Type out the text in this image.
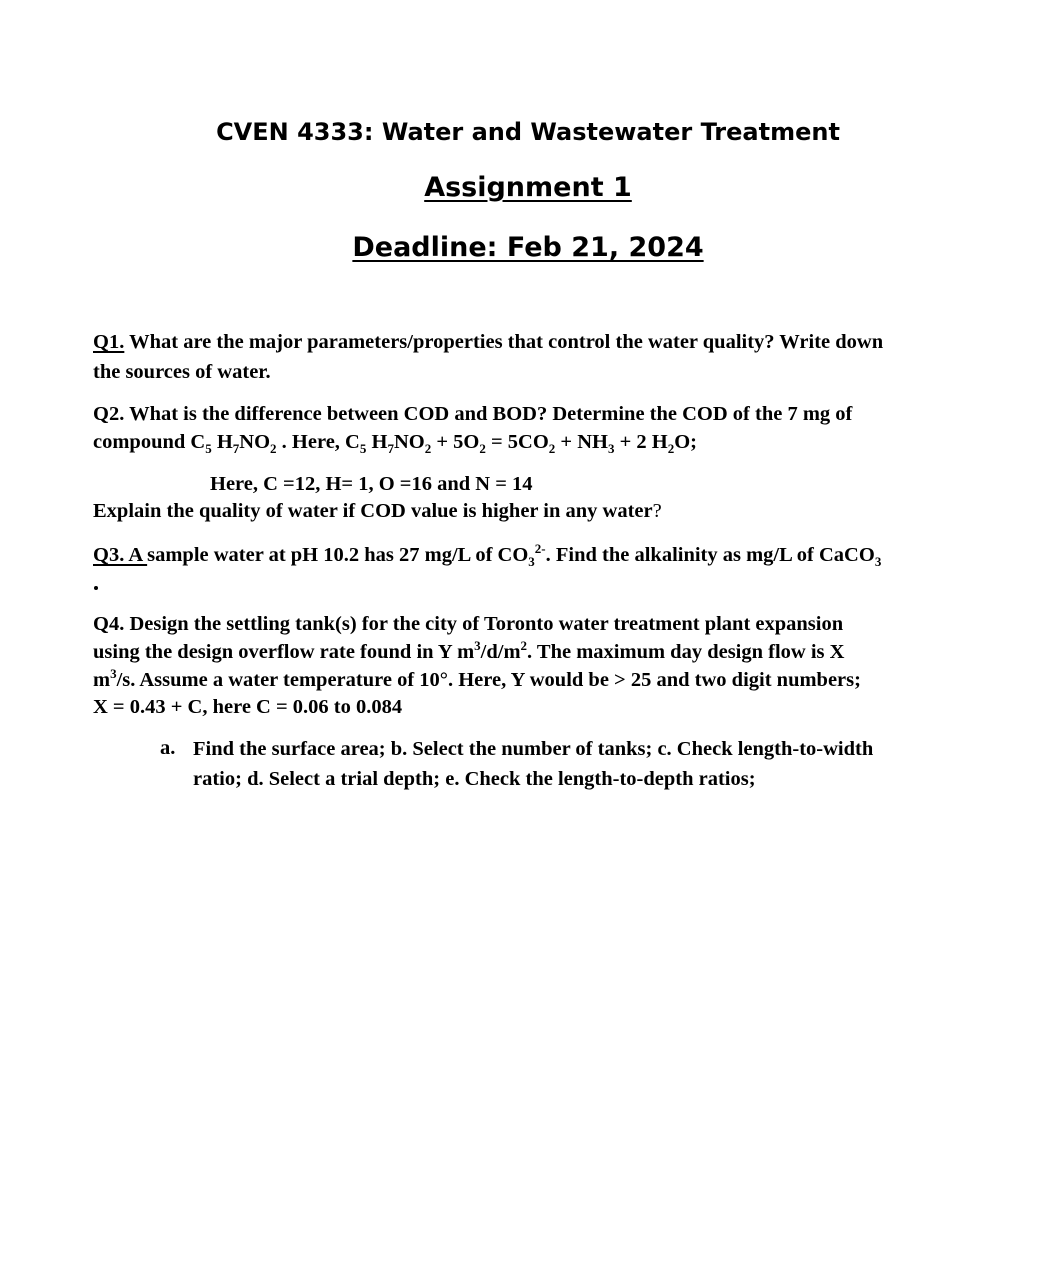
CVEN 4333: Water and Wastewater Treatment
Assignment 1
Deadline: Feb 21, 2024
Q1. What are the major parameters/properties that control the water quality? Write down
the sources of water.
Q2. What is the difference between COD and BOD? Determine the COD of the 7 mg of
compound $C_5$ $H_7NO_2$ . Here, $C_5$ $H_7NO_2 + 5O_2 = 5CO_2 + NH_3 + 2$ $H_2O$;
Here, C =12, H= 1, O =16 and N = 14
Explain the quality of water if COD value is higher in any water?
Q3. A sample water at pH 10.2 has 27 mg/L of $CO_3^{2-}$. Find the alkalinity as mg/L of CaCO$_3$
Q4. Design the settling tank(s) for the city of Toronto water treatment plant expansion
using the design overflow rate found in Y $m^3/d/m^2$. The maximum day design flow is X
$m^3/s$. Assume a water temperature of 10°. Here, Y would be > 25 and two digit numbers;
X = 0.43 + C, here C = 0.06 to 0.084
a. Find the surface area; b. Select the number of tanks; c. Check length-to-width
ratio; d. Select a trial depth; e. Check the length-to-depth ratios;
